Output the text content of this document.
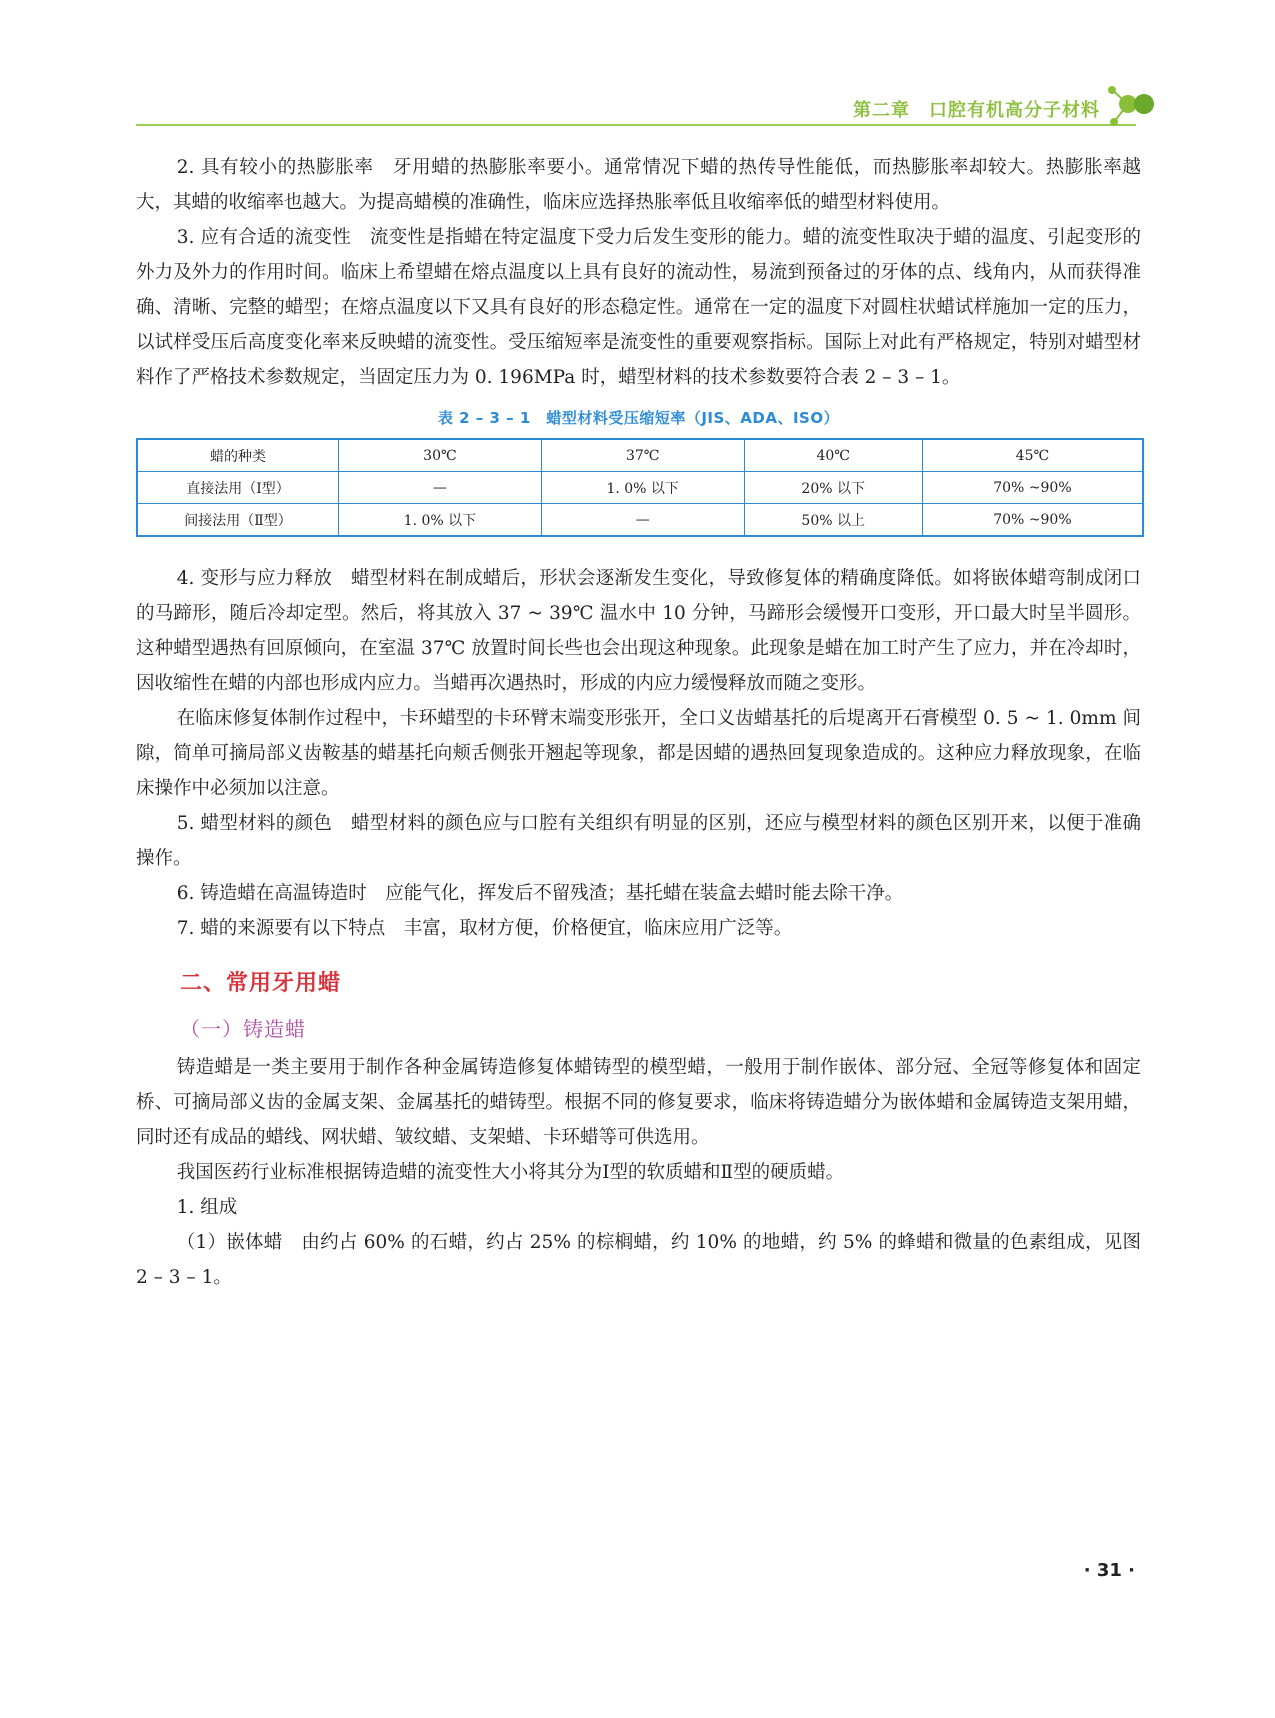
第二章　口腔有机高分子材料

2. 具有较小的热膨胀率　牙用蜡的热膨胀率要小。通常情况下蜡的热传导性能低，而热膨胀率却较大。热膨胀率越大，其蜡的收缩率也越大。为提高蜡模的准确性，临床应选择热胀率低且收缩率低的蜡型材料使用。

3. 应有合适的流变性　流变性是指蜡在特定温度下受力后发生变形的能力。蜡的流变性取决于蜡的温度、引起变形的外力及外力的作用时间。临床上希望蜡在熔点温度以上具有良好的流动性，易流到预备过的牙体的点、线角内，从而获得准确、清晰、完整的蜡型；在熔点温度以下又具有良好的形态稳定性。通常在一定的温度下对圆柱状蜡试样施加一定的压力，以试样受压后高度变化率来反映蜡的流变性。受压缩短率是流变性的重要观察指标。国际上对此有严格规定，特别对蜡型材料作了严格技术参数规定，当固定压力为 0. 196MPa 时，蜡型材料的技术参数要符合表 2 – 3 – 1。

表 2 – 3 – 1　蜡型材料受压缩短率（JIS、ADA、ISO）
蜡的种类	30℃	37℃	40℃	45℃
直接法用（Ⅰ型）	—	1. 0% 以下	20% 以下	70% ~90%
间接法用（Ⅱ型）	1. 0% 以下	—	50% 以上	70% ~90%

4. 变形与应力释放　蜡型材料在制成蜡后，形状会逐渐发生变化，导致修复体的精确度降低。如将嵌体蜡弯制成闭口的马蹄形，随后冷却定型。然后，将其放入 37 ~ 39℃ 温水中 10 分钟，马蹄形会缓慢开口变形，开口最大时呈半圆形。这种蜡型遇热有回原倾向，在室温 37℃ 放置时间长些也会出现这种现象。此现象是蜡在加工时产生了应力，并在冷却时，因收缩性在蜡的内部也形成内应力。当蜡再次遇热时，形成的内应力缓慢释放而随之变形。

在临床修复体制作过程中，卡环蜡型的卡环臂末端变形张开，全口义齿蜡基托的后堤离开石膏模型 0. 5 ~ 1. 0mm 间隙，简单可摘局部义齿鞍基的蜡基托向颊舌侧张开翘起等现象，都是因蜡的遇热回复现象造成的。这种应力释放现象，在临床操作中必须加以注意。

5. 蜡型材料的颜色　蜡型材料的颜色应与口腔有关组织有明显的区别，还应与模型材料的颜色区别开来，以便于准确操作。

6. 铸造蜡在高温铸造时　应能气化，挥发后不留残渣；基托蜡在装盒去蜡时能去除干净。

7. 蜡的来源要有以下特点　丰富，取材方便，价格便宜，临床应用广泛等。

二、常用牙用蜡
（一）铸造蜡

铸造蜡是一类主要用于制作各种金属铸造修复体蜡铸型的模型蜡，一般用于制作嵌体、部分冠、全冠等修复体和固定桥、可摘局部义齿的金属支架、金属基托的蜡铸型。根据不同的修复要求，临床将铸造蜡分为嵌体蜡和金属铸造支架用蜡，同时还有成品的蜡线、网状蜡、皱纹蜡、支架蜡、卡环蜡等可供选用。

我国医药行业标准根据铸造蜡的流变性大小将其分为Ⅰ型的软质蜡和Ⅱ型的硬质蜡。

1. 组成

（1）嵌体蜡　由约占 60% 的石蜡，约占 25% 的棕榈蜡，约 10% 的地蜡，约 5% 的蜂蜡和微量的色素组成，见图 2 – 3 – 1。

· 31 ·
